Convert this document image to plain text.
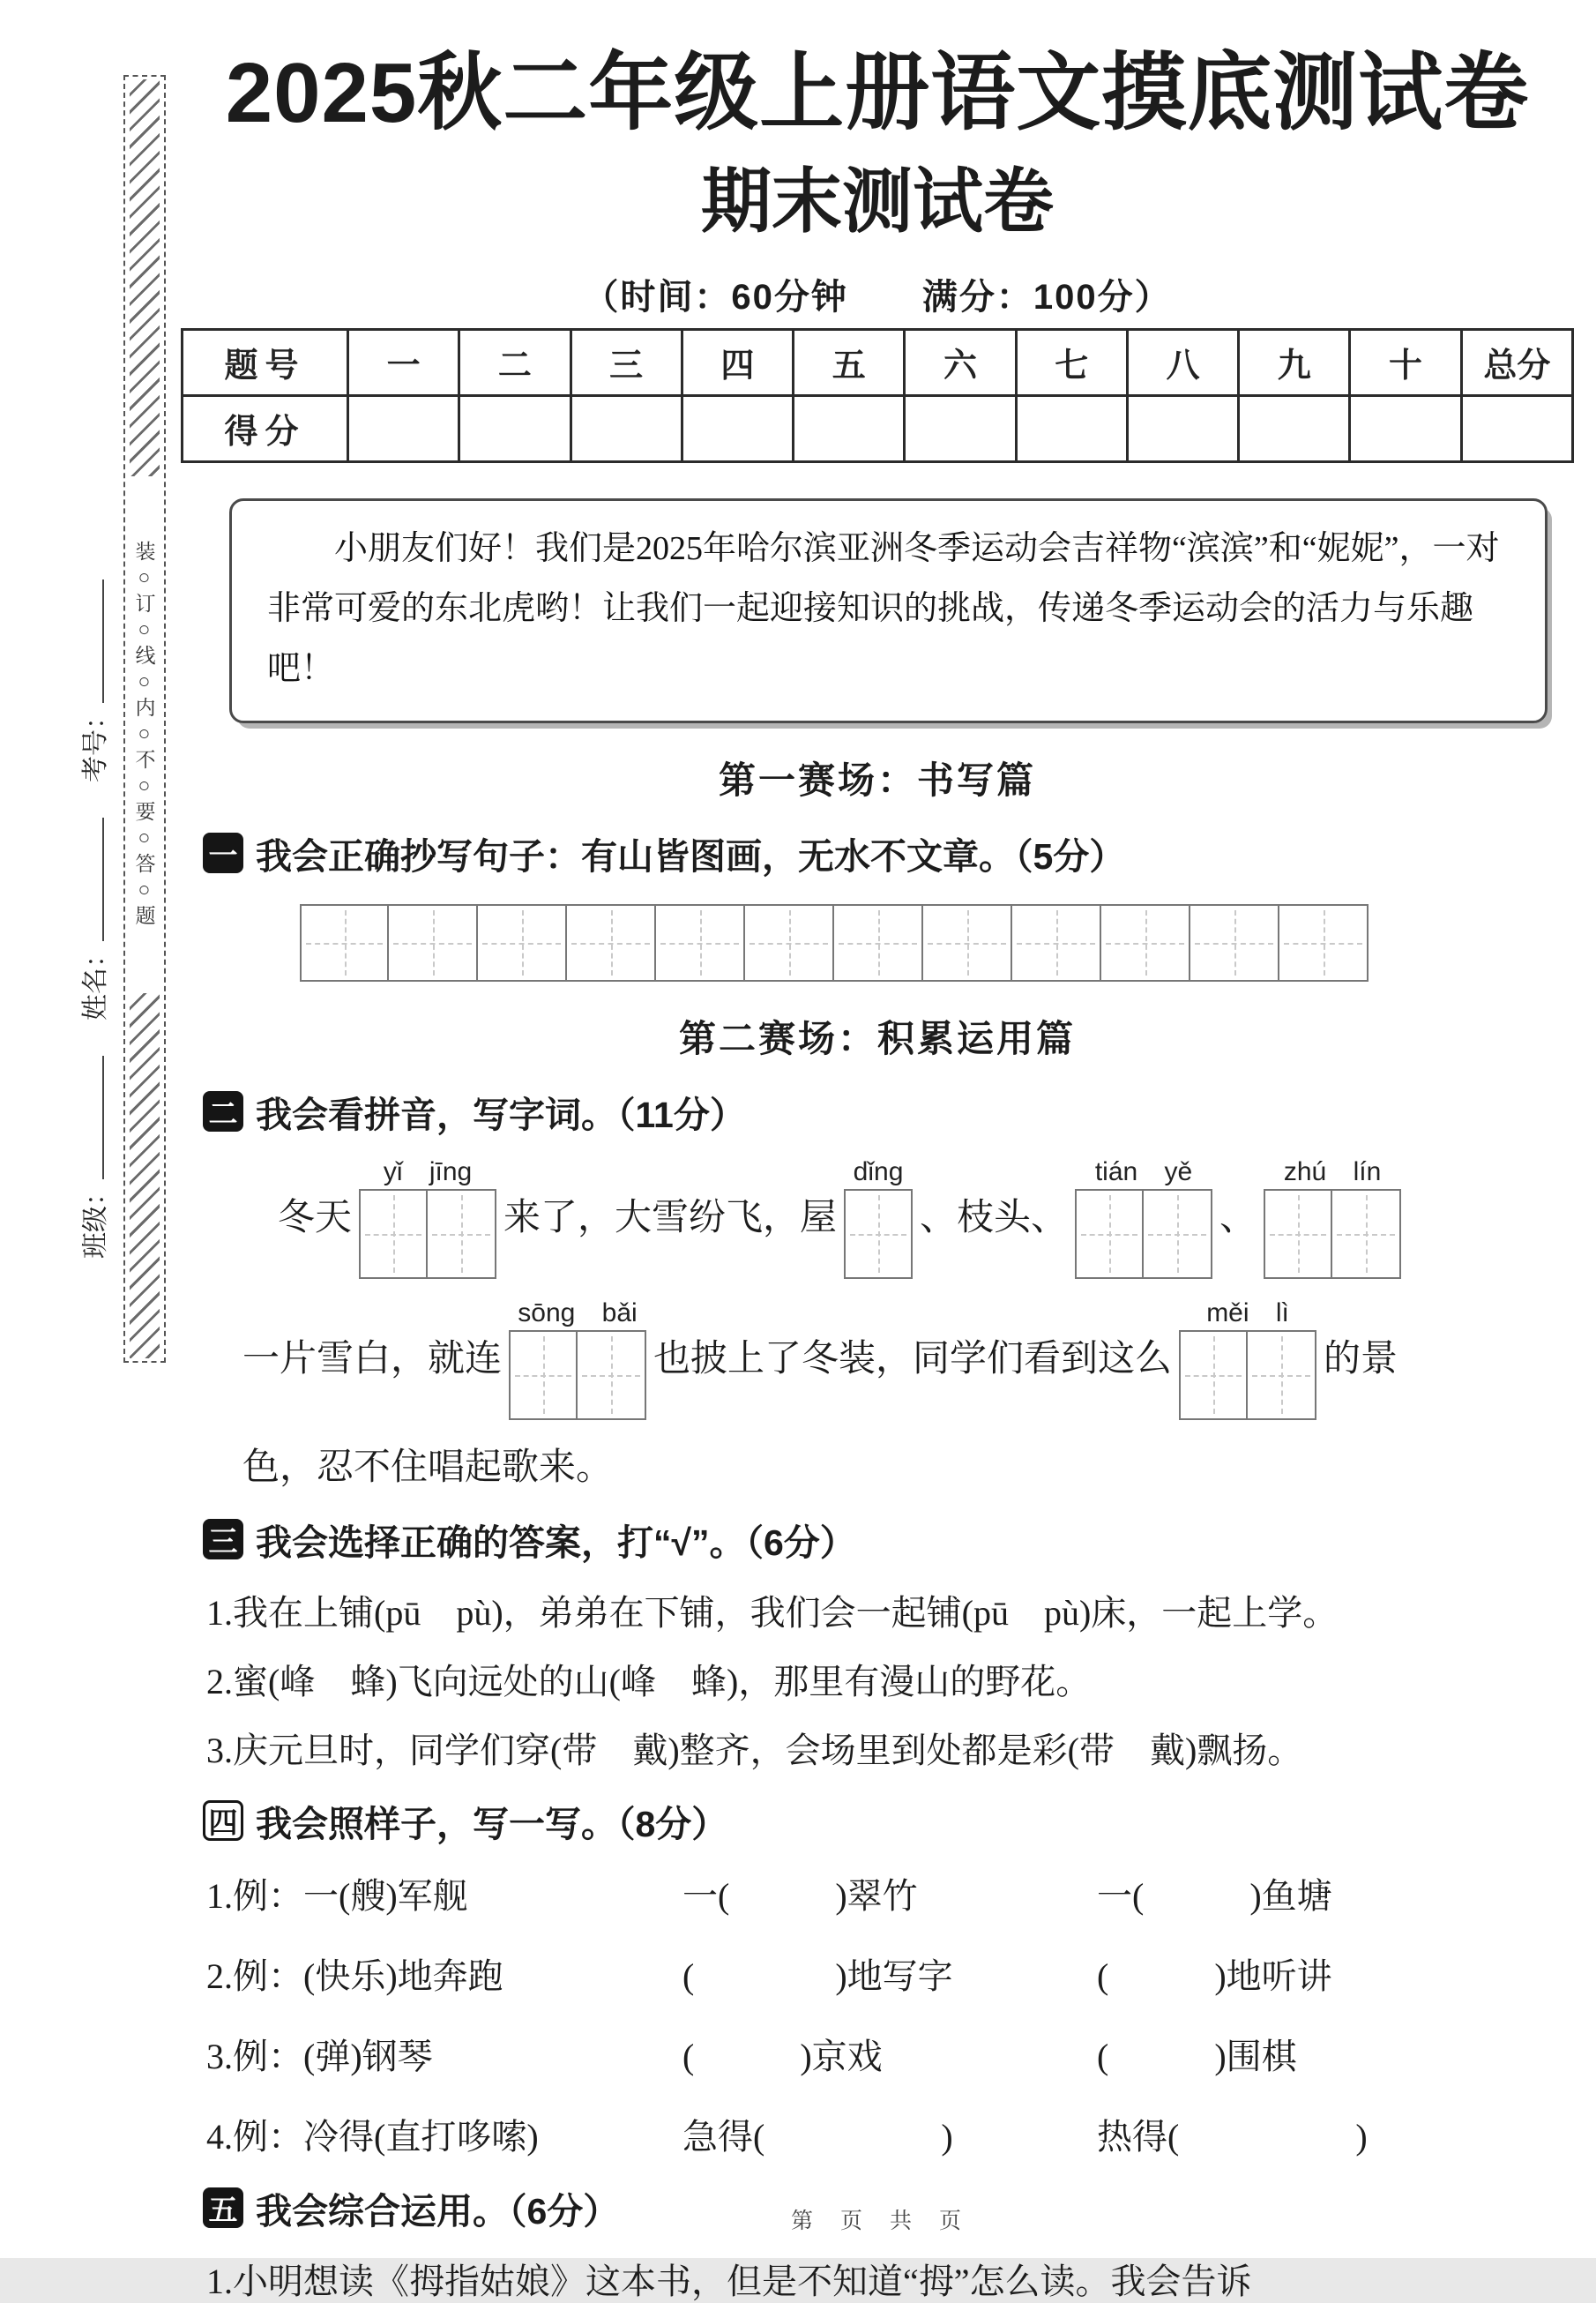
考号：
姓名：
班级：
装○订○线○内○不○要○答○题
2025秋二年级上册语文摸底测试卷
期末测试卷
（时间：60分钟　　满分：100分）
题号	一	二	三	四	五	六	七	八	九	十	总分
得分											
小朋友们好！我们是2025年哈尔滨亚洲冬季运动会吉祥物“滨滨”和“妮妮”，一对非常可爱的东北虎哟！让我们一起迎接知识的挑战，传递冬季运动会的活力与乐趣吧！
第一赛场：书写篇
一 我会正确抄写句子：有山皆图画，无水不文章。（5分）
第二赛场：积累运用篇
二 我会看拼音，写字词。（11分）
冬天
yǐ jīng
来了，大雪纷飞，屋
dǐng
、枝头、
tián yě
、
zhú lín
一片雪白，就连
sōng bǎi
也披上了冬装，同学们看到这么
měi lì
的景
色，忍不住唱起歌来。
三 我会选择正确的答案，打“√”。（6分）
1.我在上铺(pū　pù)，弟弟在下铺，我们会一起铺(pū　pù)床，一起上学。
2.蜜(峰　蜂)飞向远处的山(峰　蜂)，那里有漫山的野花。
3.庆元旦时，同学们穿(带　戴)整齐，会场里到处都是彩(带　戴)飘扬。
四 我会照样子，写一写。（8分）
1.例：一(艘)军舰	一(　　　)翠竹	一(　　　)鱼塘
2.例：(快乐)地奔跑	(　　　　)地写字	(　　　)地听讲
3.例：(弹)钢琴	(　　　)京戏	(　　　)围棋
4.例：冷得(直打哆嗦)	急得(　　　　　)	热得(　　　　　)
五 我会综合运用。（6分）
1.小明想读《拇指姑娘》这本书，但是不知道“拇”怎么读。我会告诉
第　页　共　页
